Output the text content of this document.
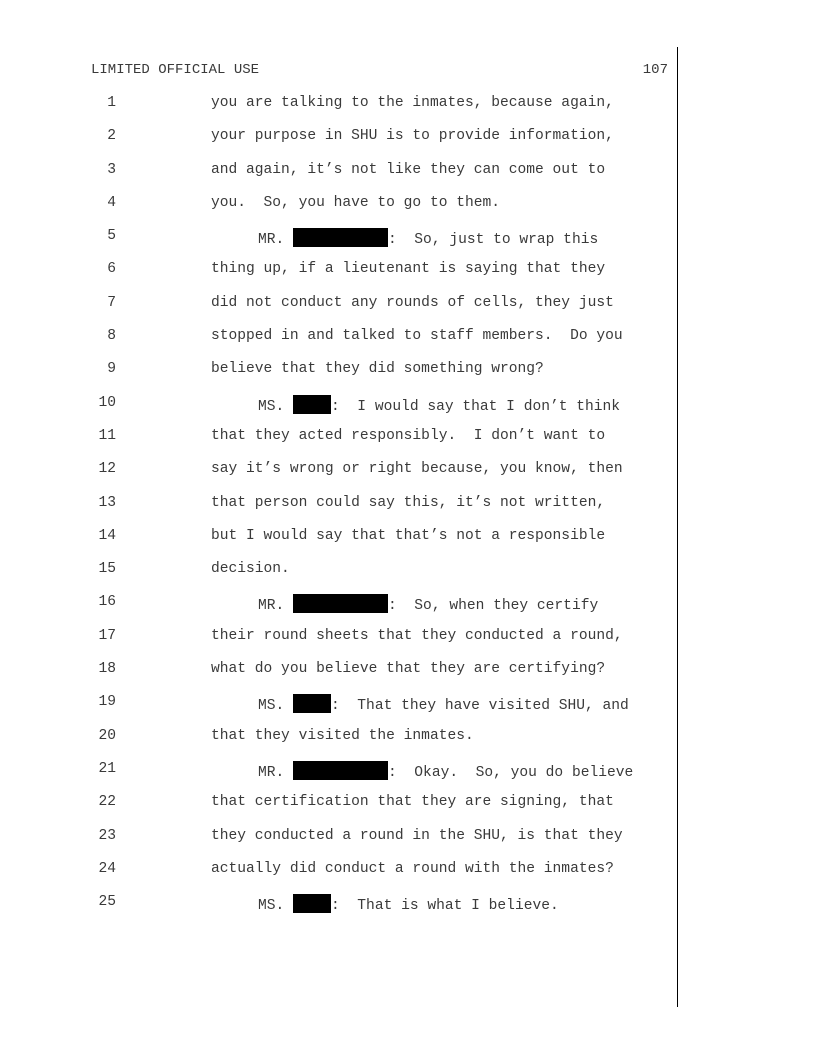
LIMITED OFFICIAL USE	107
1	you are talking to the inmates, because again,
2	your purpose in SHU is to provide information,
3	and again, it’s not like they can come out to
4	you.  So, you have to go to them.
5	MR.	:  So, just to wrap this
6	thing up, if a lieutenant is saying that they
7	did not conduct any rounds of cells, they just
8	stopped in and talked to staff members.  Do you
9	believe that they did something wrong?
10	MS.	:  I would say that I don’t think
11	that they acted responsibly.  I don’t want to
12	say it’s wrong or right because, you know, then
13	that person could say this, it’s not written,
14	but I would say that that’s not a responsible
15	decision.
16	MR.	:  So, when they certify
17	their round sheets that they conducted a round,
18	what do you believe that they are certifying?
19	MS.	:  That they have visited SHU, and
20	that they visited the inmates.
21	MR.	:  Okay.  So, you do believe
22	that certification that they are signing, that
23	they conducted a round in the SHU, is that they
24	actually did conduct a round with the inmates?
25	MS.	:  That is what I believe.
